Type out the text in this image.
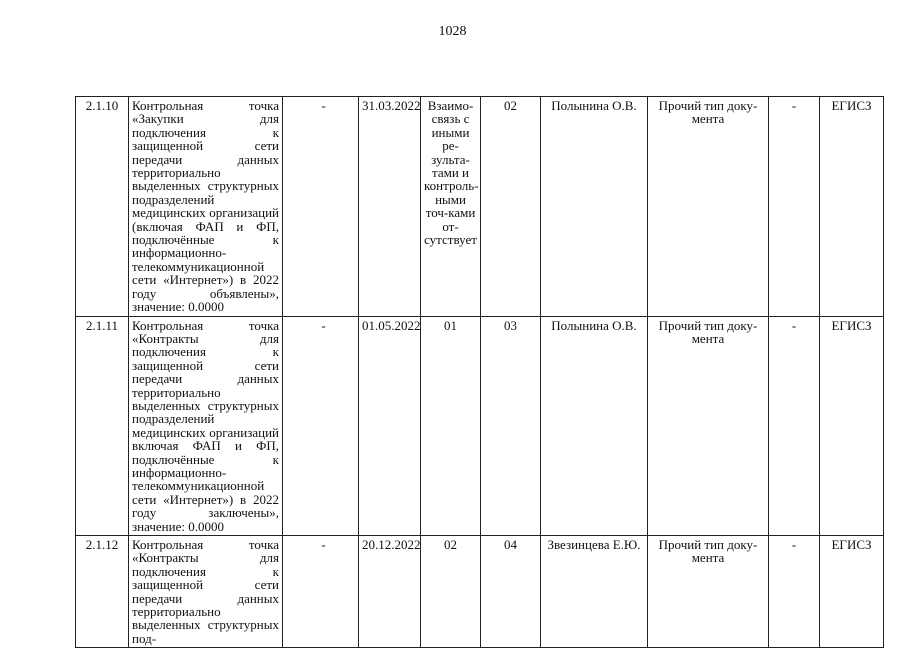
1028
2.1.10	Контрольная точка «Закупки для подключения к защищенной сети передачи данных территориально выделенных структурных подразделений медицинских организаций (включая ФАП и ФП, подключённые к информационно-телекоммуникационной сети «Интернет») в 2022 году объявлены», значение: 0.0000	-	31.03.2022	Взаимо-связь с иными ре-зульта-тами и контроль-ными точ-ками от-сутствует	02	Полынина О.В.	Прочий тип доку-мента	-	ЕГИСЗ
2.1.11	Контрольная точка «Контракты для подключения к защищенной сети передачи данных территориально выделенных структурных подразделений медицинских организаций включая ФАП и ФП, подключённые к информационно-телекоммуникационной сети «Интернет») в 2022 году заключены», значение: 0.0000	-	01.05.2022	01	03	Полынина О.В.	Прочий тип доку-мента	-	ЕГИСЗ
2.1.12	Контрольная точка «Контракты для подключения к защищенной сети передачи данных территориально выделенных структурных под-	-	20.12.2022	02	04	Звезинцева Е.Ю.	Прочий тип доку-мента	-	ЕГИСЗ
